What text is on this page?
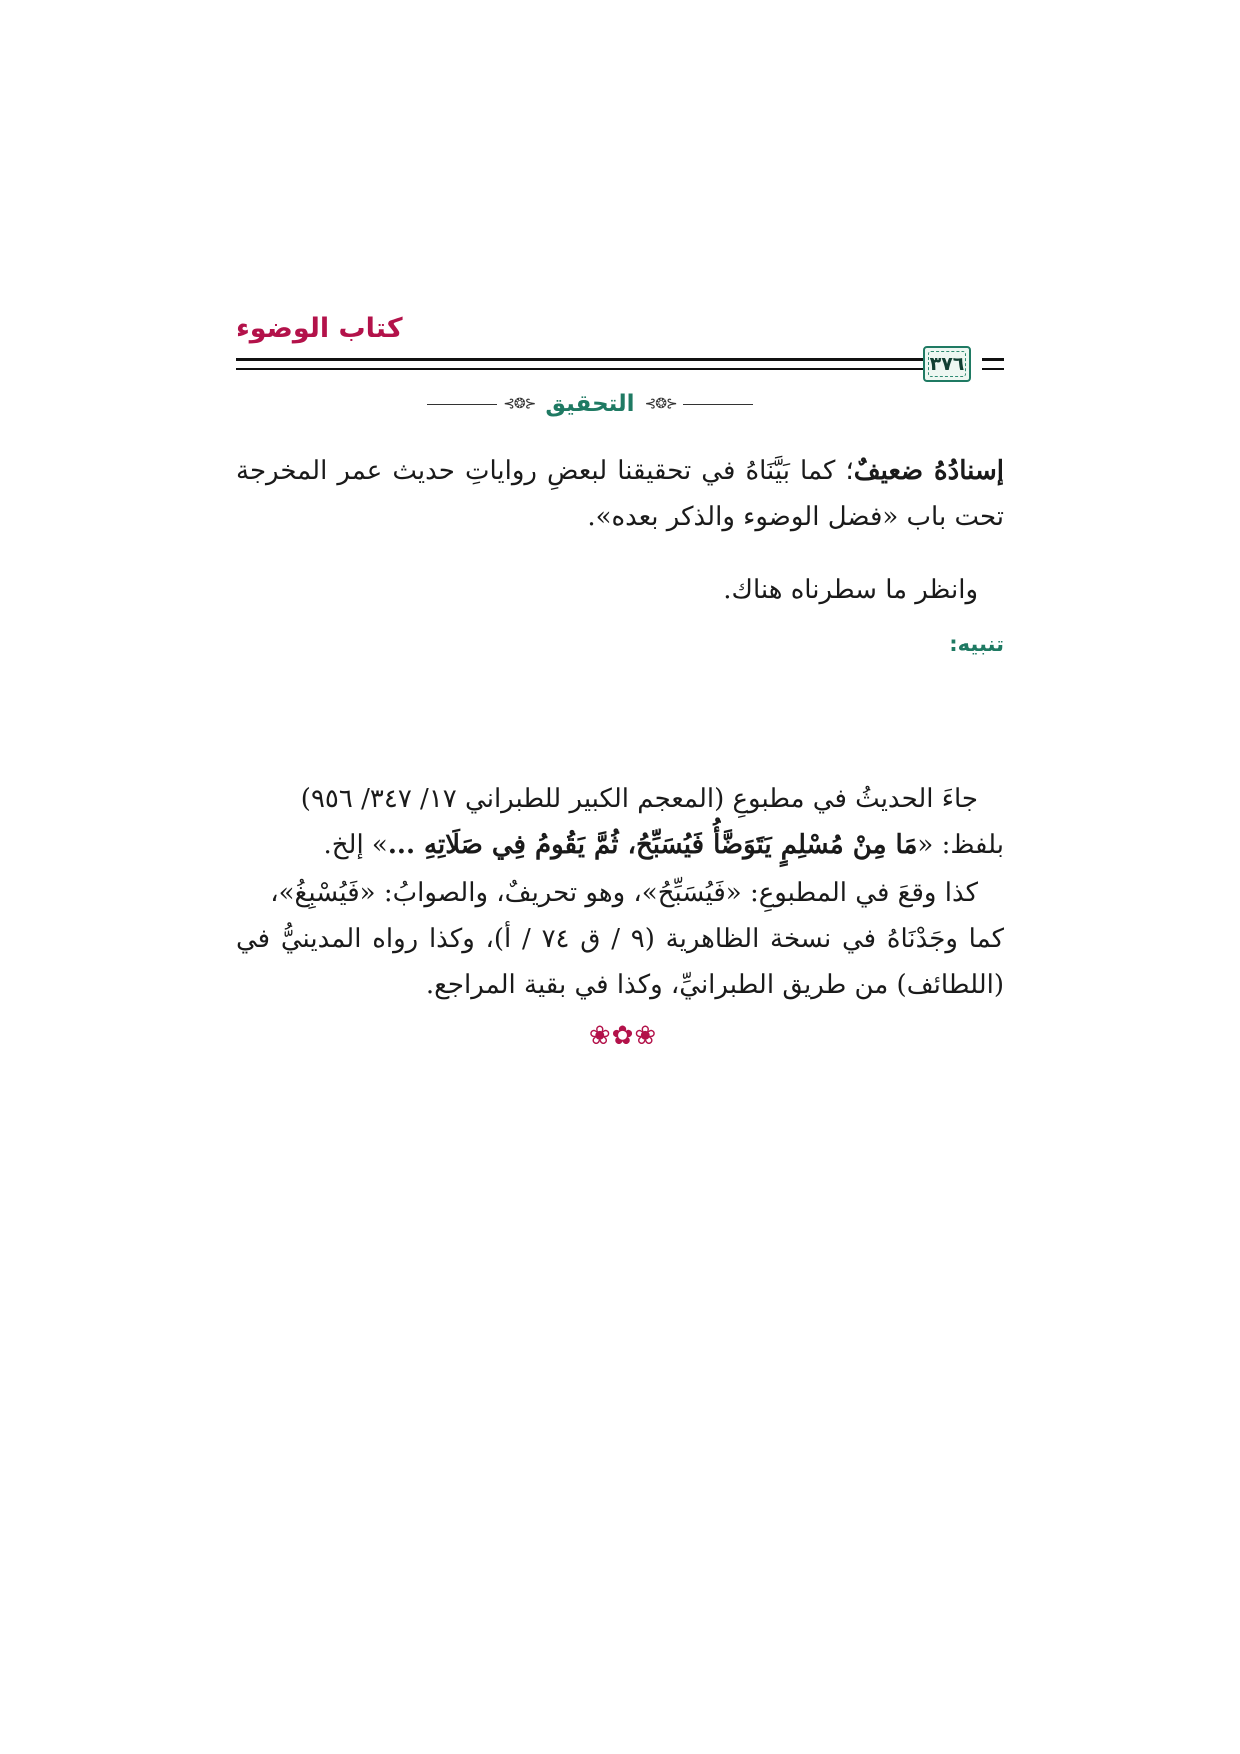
كتاب الوضوء
٣٧٦
⊰❂⊱ التحقيق ⊰❂⊱
إسنادُهُ ضعيفٌ؛ كما بَيَّنَاهُ في تحقيقنا لبعضِ رواياتِ حديث عمر المخرجة تحت باب «فضل الوضوء والذكر بعده».
وانظر ما سطرناه هناك.
تنبيه:
جاءَ الحديثُ في مطبوعِ (المعجم الكبير للطبراني ١٧/ ٣٤٧/ ٩٥٦)
بلفظ: «مَا مِنْ مُسْلِمٍ يَتَوَضَّأُ فَيُسَبِّحُ، ثُمَّ يَقُومُ فِي صَلَاتِهِ ...» إلخ.
كذا وقعَ في المطبوعِ: «فَيُسَبِّحُ»، وهو تحريفٌ، والصوابُ: «فَيُسْبِغُ»،
كما وجَدْنَاهُ في نسخة الظاهرية (٩ / ق ٧٤ / أ)، وكذا رواه المدينيُّ في (اللطائف) من طريق الطبرانيِّ، وكذا في بقية المراجع.
❀✿❀
